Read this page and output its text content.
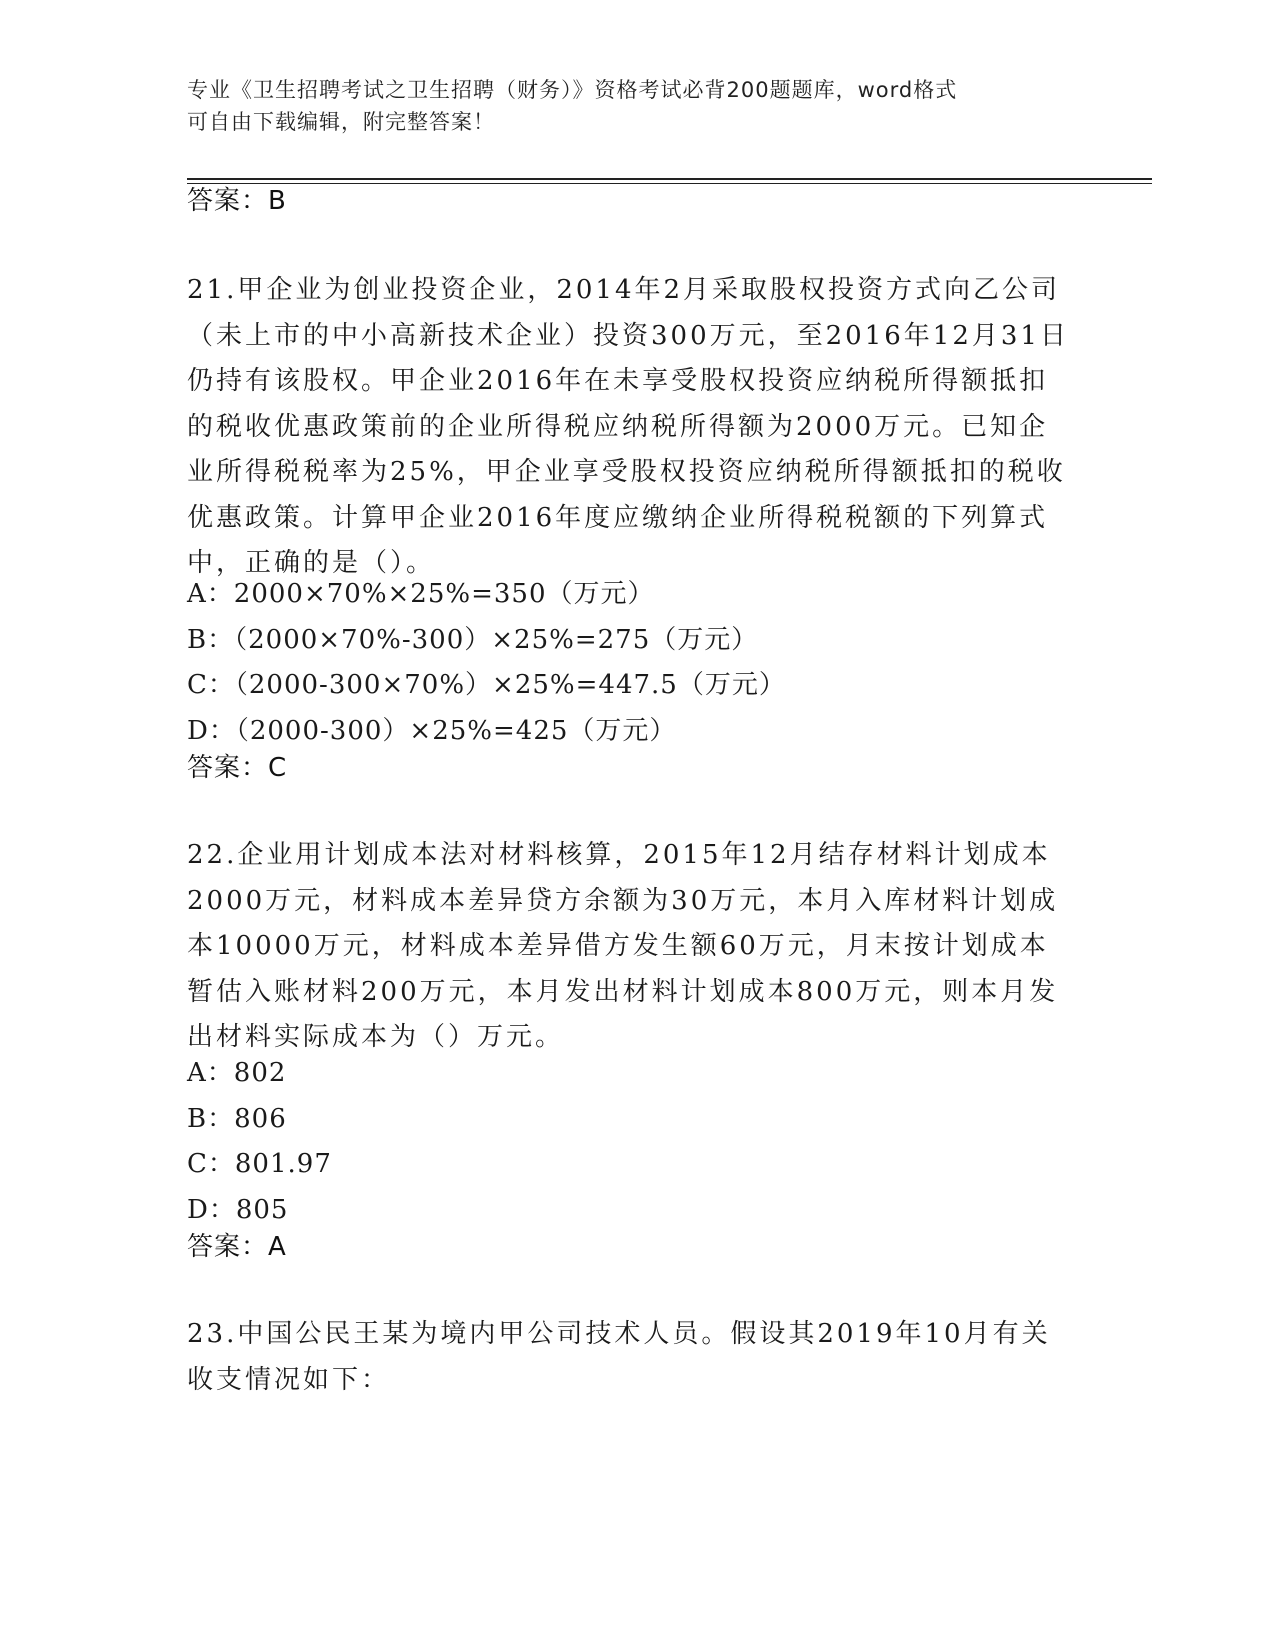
专业《卫生招聘考试之卫生招聘（财务）》资格考试必背200题题库，word格式
可自由下载编辑，附完整答案！
答案：B
21.甲企业为创业投资企业，2014年2月采取股权投资方式向乙公司（未上市的中小高新技术企业）投资300万元，至2016年12月31日仍持有该股权。甲企业2016年在未享受股权投资应纳税所得额抵扣的税收优惠政策前的企业所得税应纳税所得额为2000万元。已知企业所得税税率为25%，甲企业享受股权投资应纳税所得额抵扣的税收优惠政策。计算甲企业2016年度应缴纳企业所得税税额的下列算式中，正确的是（）。
A：2000×70%×25%=350（万元）
B：（2000×70%-300）×25%=275（万元）
C：（2000-300×70%）×25%=447.5（万元）
D：（2000-300）×25%=425（万元）
答案：C
22.企业用计划成本法对材料核算，2015年12月结存材料计划成本2000万元，材料成本差异贷方余额为30万元，本月入库材料计划成本10000万元，材料成本差异借方发生额60万元，月末按计划成本暂估入账材料200万元，本月发出材料计划成本800万元，则本月发出材料实际成本为（）万元。
A：802
B：806
C：801.97
D：805
答案：A
23.中国公民王某为境内甲公司技术人员。假设其2019年10月有关收支情况如下：
